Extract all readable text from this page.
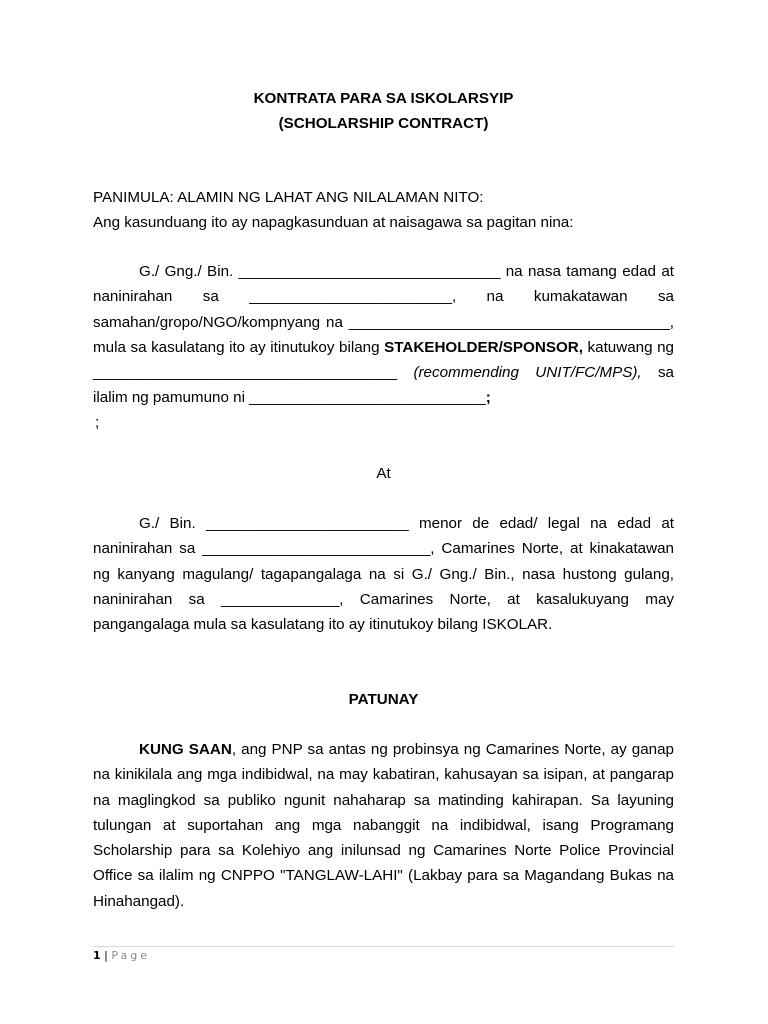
KONTRATA PARA SA ISKOLARSYIP
(SCHOLARSHIP CONTRACT)
PANIMULA: ALAMIN NG LAHAT ANG NILALAMAN NITO:
Ang kasunduang ito ay napagkasunduan at naisagawa sa pagitan nina:
G./ Gng./ Bin. _______________________________ na nasa tamang edad at naninirahan sa ________________________, na kumakatawan sa samahan/gropo/NGO/kompnyang na ______________________________________, mula sa kasulatang ito ay itinutukoy bilang STAKEHOLDER/SPONSOR, katuwang ng ____________________________________ (recommending UNIT/FC/MPS), sa ilalim ng pamumuno ni ____________________________;
;
At
G./ Bin. ________________________ menor de edad/ legal na edad at naninirahan sa ___________________________, Camarines Norte, at kinakatawan ng kanyang magulang/ tagapangalaga na si G./ Gng./ Bin., nasa hustong gulang, naninirahan sa ______________, Camarines Norte, at kasalukuyang may pangangalaga mula sa kasulatang ito ay itinutukoy bilang ISKOLAR.
PATUNAY
KUNG SAAN, ang PNP sa antas ng probinsya ng Camarines Norte, ay ganap na kinikilala ang mga indibidwal, na may kabatiran, kahusayan sa isipan, at pangarap na maglingkod sa publiko ngunit nahaharap sa matinding kahirapan. Sa layuning tulungan at suportahan ang mga nabanggit na indibidwal, isang Programang Scholarship para sa Kolehiyo ang inilunsad ng Camarines Norte Police Provincial Office sa ilalim ng CNPPO "TANGLAW-LAHI" (Lakbay para sa Magandang Bukas na Hinahangad).
1 | Page
